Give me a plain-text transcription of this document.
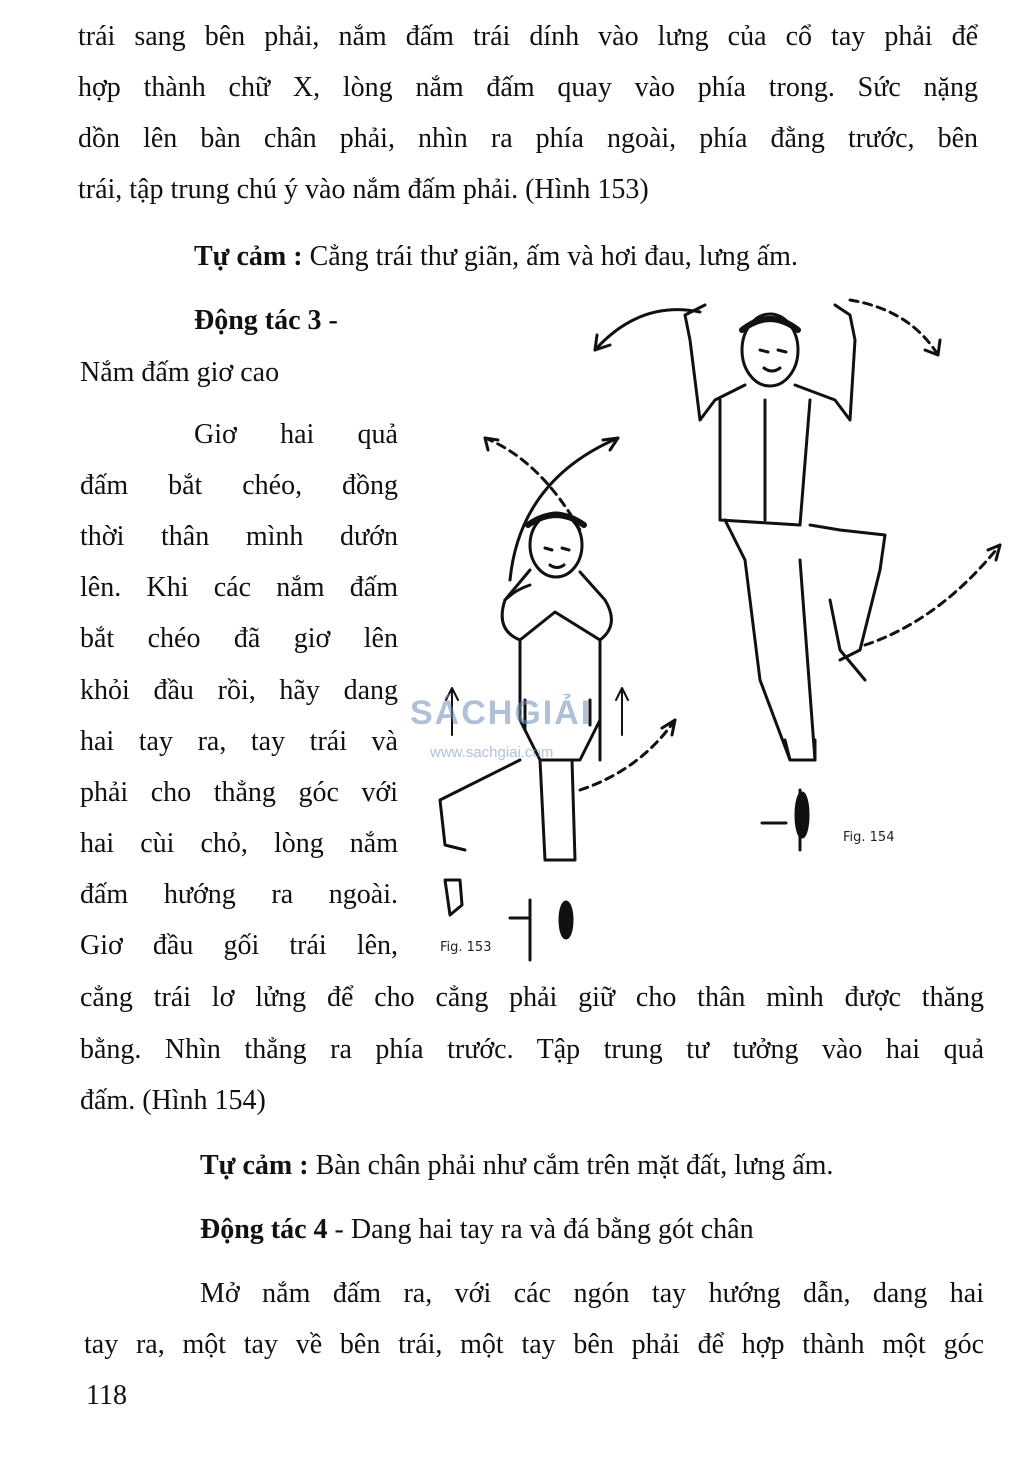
trái sang bên phải, nắm đấm trái dính vào lưng của cổ tay phải để
hợp thành chữ X, lòng nắm đấm quay vào phía trong. Sức nặng
dồn lên bàn chân phải, nhìn ra phía ngoài, phía đằng trước, bên
trái, tập trung chú ý vào nắm đấm phải. (Hình 153)
Tự cảm : Cẳng trái thư giãn, ấm và hơi đau, lưng ấm.
Động tác 3 -
Nắm đấm giơ cao
Giơ hai quả
đấm bắt chéo, đồng
thời thân mình dướn
lên. Khi các nắm đấm
bắt chéo đã giơ lên
khỏi đầu rồi, hãy dang
hai tay ra, tay trái và
phải cho thẳng góc với
hai cùi chỏ, lòng nắm
đấm hướng ra ngoài.
Giơ đầu gối trái lên,	Fig. 153
Fig. 154
SÁCHGIẢI
www.sachgiai.com
cẳng trái lơ lửng để cho cẳng phải giữ cho thân mình được thăng
bằng. Nhìn thẳng ra phía trước. Tập trung tư tưởng vào hai quả
đấm. (Hình 154)
Tự cảm : Bàn chân phải như cắm trên mặt đất, lưng ấm.
Động tác 4 - Dang hai tay ra và đá bằng gót chân
Mở nắm đấm ra, với các ngón tay hướng dẫn, dang hai
tay ra, một tay về bên trái, một tay bên phải để hợp thành một góc
118
